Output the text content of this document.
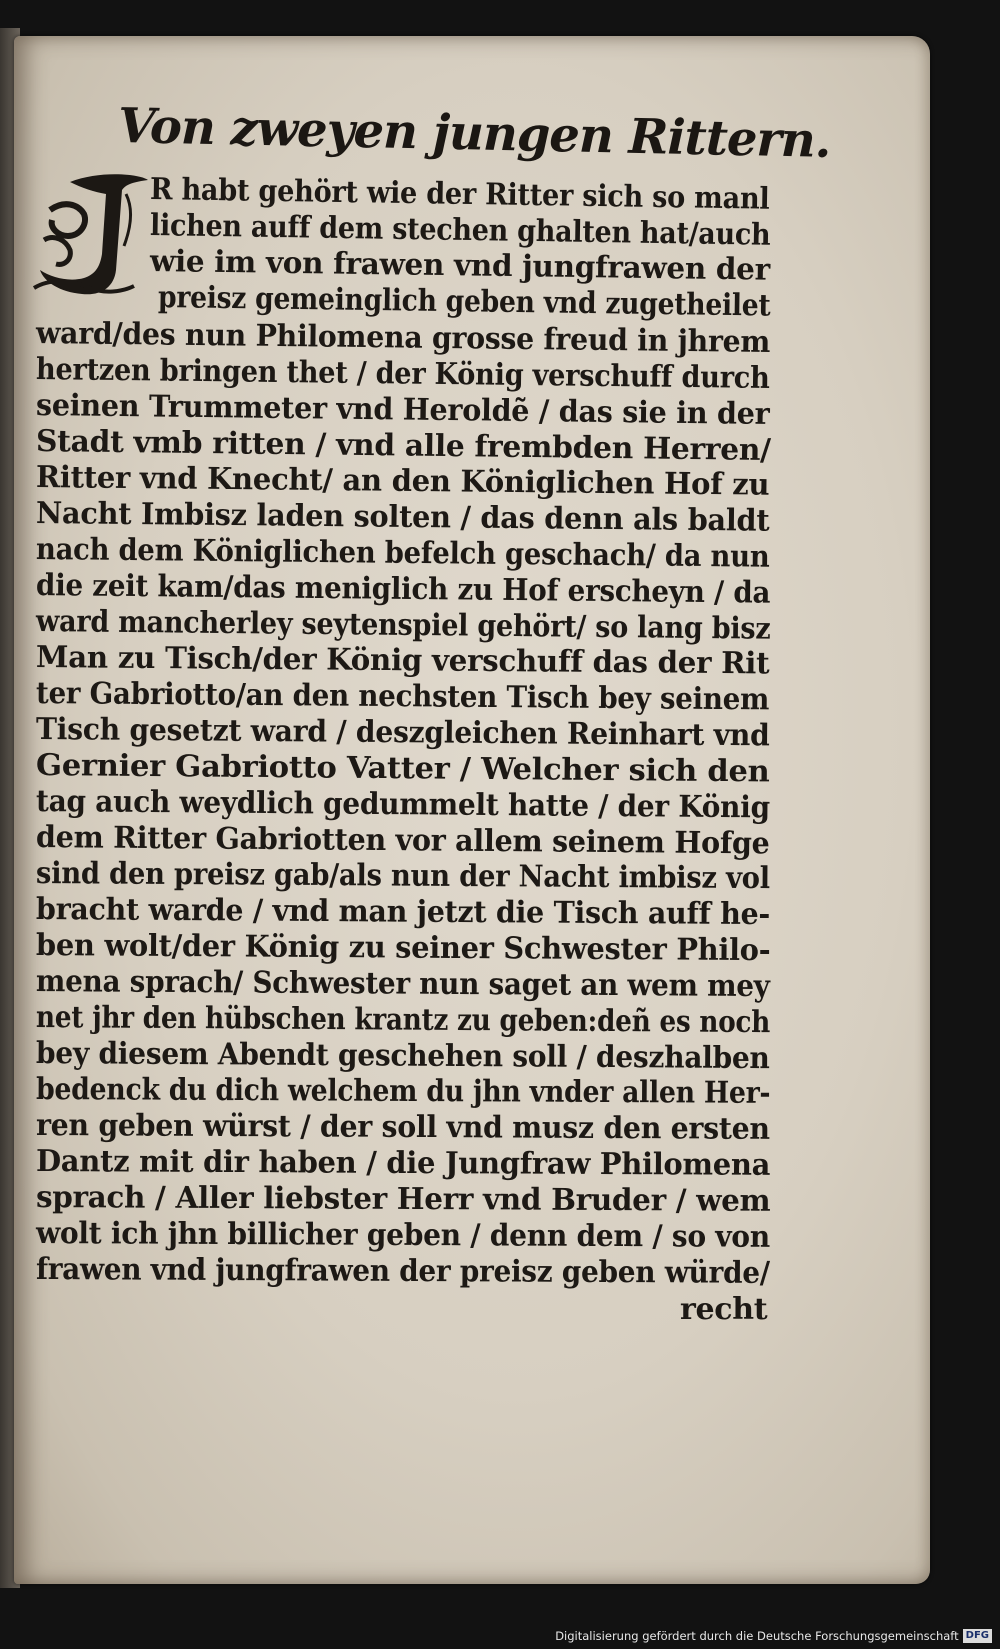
Von zweyen jungen Rittern.

R habt gehört wie der Ritter sich so manl

lichen auff dem stechen ghalten hat/auch

wie im von frawen vnd jungfrawen der

preisz gemeinglich geben vnd zugetheilet

ward/des nun Philomena grosse freud in jhrem

hertzen bringen thet / der König verschuff durch

seinen Trummeter vnd Heroldẽ / das sie in der

Stadt vmb ritten / vnd alle frembden Herren/

Ritter vnd Knecht/ an den Königlichen Hof zu

Nacht Imbisz laden solten / das denn als baldt

nach dem Königlichen befelch geschach/ da nun

die zeit kam/das meniglich zu Hof erscheyn / da

ward mancherley seytenspiel gehört/ so lang bisz

Man zu Tisch/der König verschuff das der Rit

ter Gabriotto/an den nechsten Tisch bey seinem

Tisch gesetzt ward / deszgleichen Reinhart vnd

Gernier Gabriotto Vatter / Welcher sich den

tag auch weydlich gedummelt hatte / der König

dem Ritter Gabriotten vor allem seinem Hofge

sind den preisz gab/als nun der Nacht imbisz vol

bracht warde / vnd man jetzt die Tisch auff he-

ben wolt/der König zu seiner Schwester Philo-

mena sprach/ Schwester nun saget an wem mey

net jhr den hübschen krantz zu geben:deñ es noch

bey diesem Abendt geschehen soll / deszhalben

bedenck du dich welchem du jhn vnder allen Her-

ren geben würst / der soll vnd musz den ersten

Dantz mit dir haben / die Jungfraw Philomena

sprach / Aller liebster Herr vnd Bruder / wem

wolt ich jhn billicher geben / denn dem / so von

frawen vnd jungfrawen der preisz geben würde/

recht

Digitalisierung gefördert durch die Deutsche Forschungsgemeinschaft DFG
